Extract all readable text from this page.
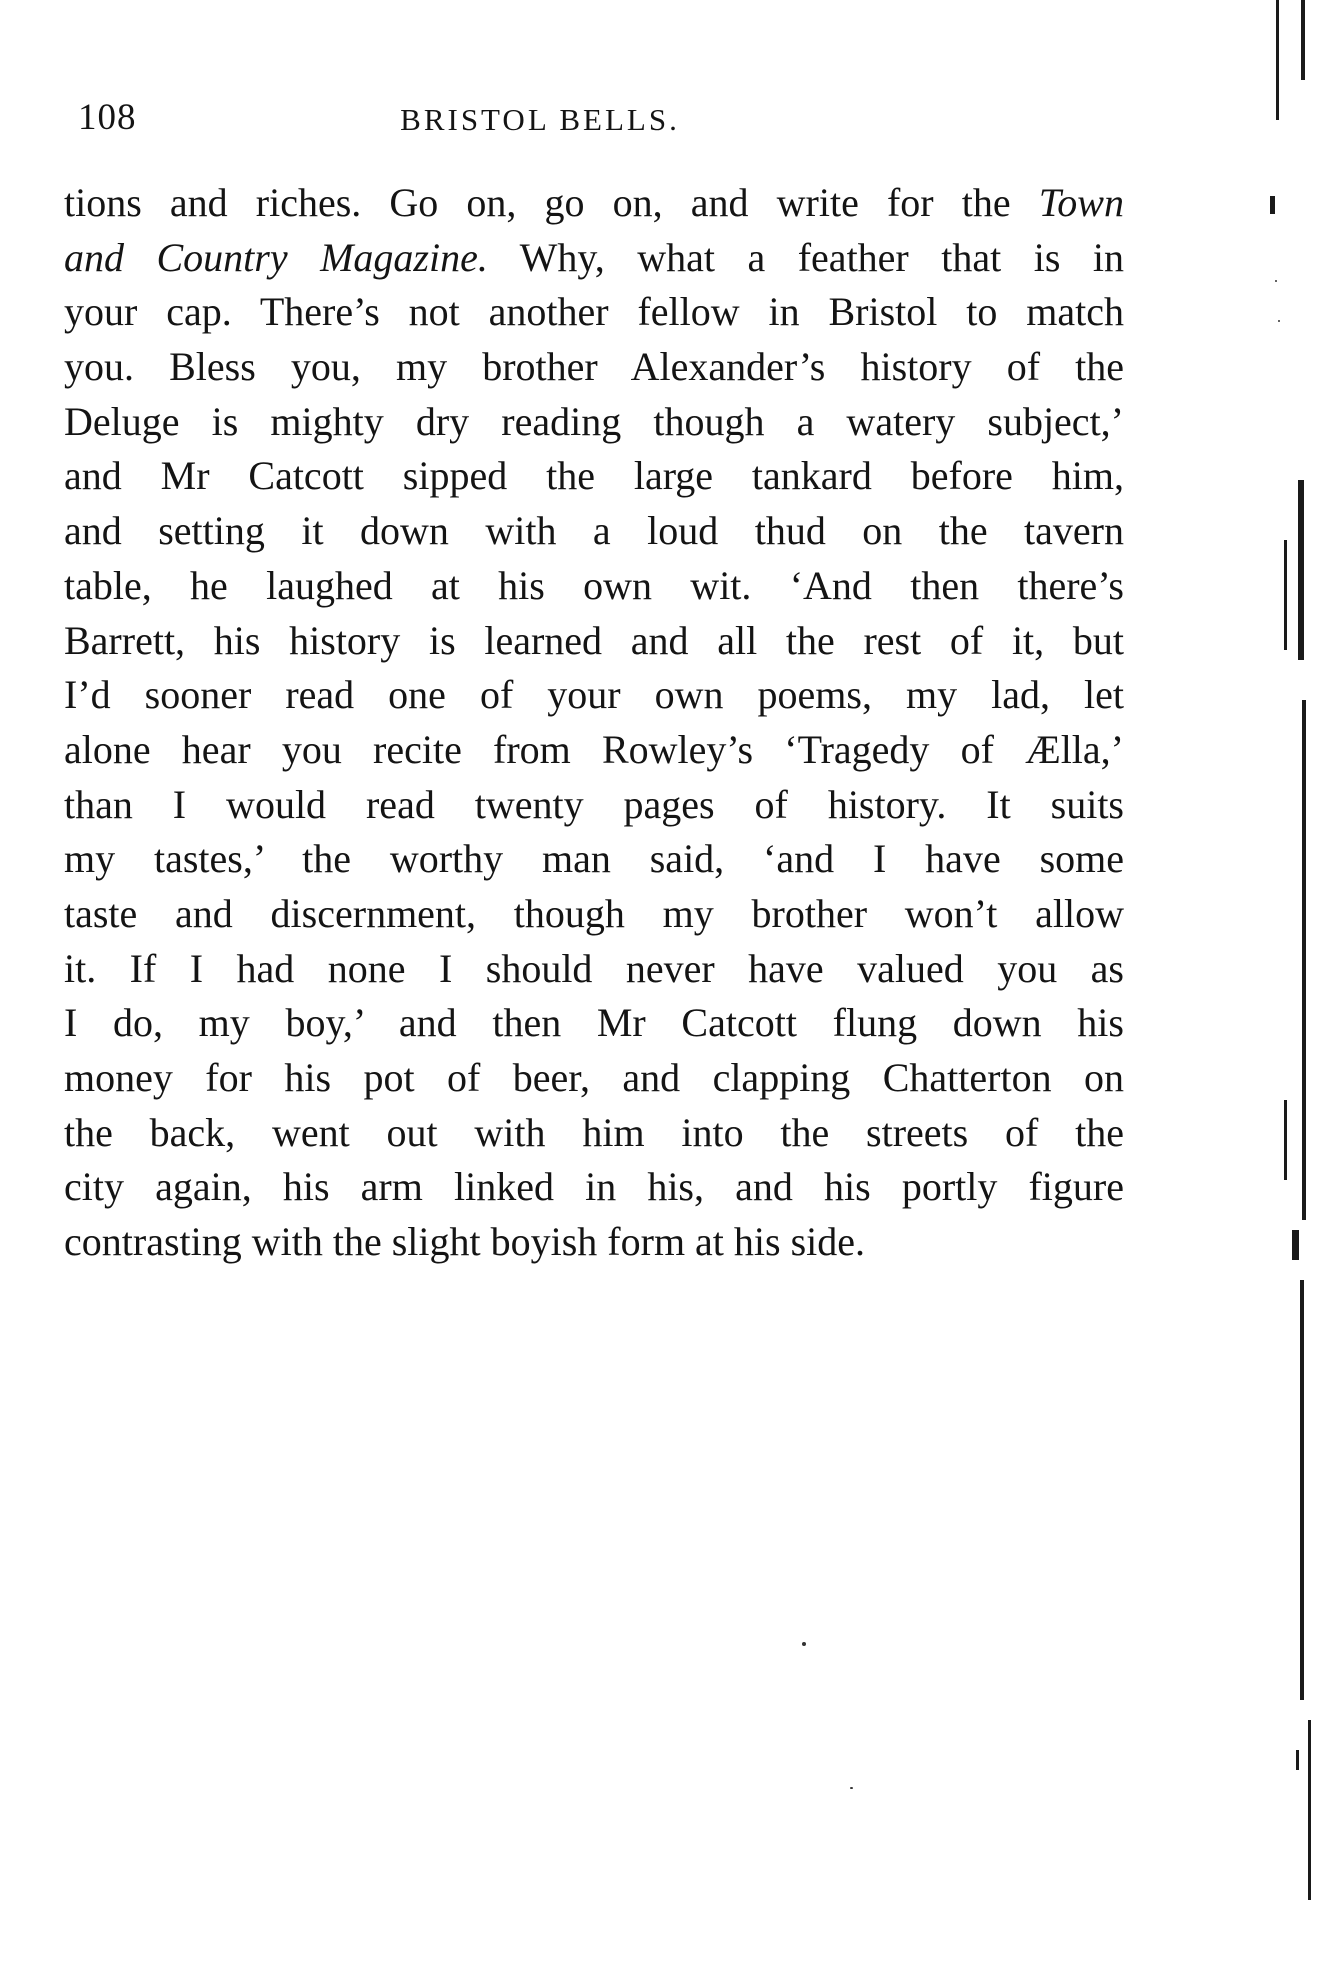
108	BRISTOL BELLS.
tions and riches. Go on, go on, and write for the Town
and Country Magazine. Why, what a feather that is in
your cap. There’s not another fellow in Bristol to match
you. Bless you, my brother Alexander’s history of the
Deluge is mighty dry reading though a watery subject,’
and Mr Catcott sipped the large tankard before him,
and setting it down with a loud thud on the tavern
table, he laughed at his own wit. ‘And then there’s
Barrett, his history is learned and all the rest of it, but
I’d sooner read one of your own poems, my lad, let
alone hear you recite from Rowley’s ‘Tragedy of Ælla,’
than I would read twenty pages of history. It suits
my tastes,’ the worthy man said, ‘and I have some
taste and discernment, though my brother won’t allow
it. If I had none I should never have valued you as
I do, my boy,’ and then Mr Catcott flung down his
money for his pot of beer, and clapping Chatterton on
the back, went out with him into the streets of the
city again, his arm linked in his, and his portly figure
contrasting with the slight boyish form at his side.
